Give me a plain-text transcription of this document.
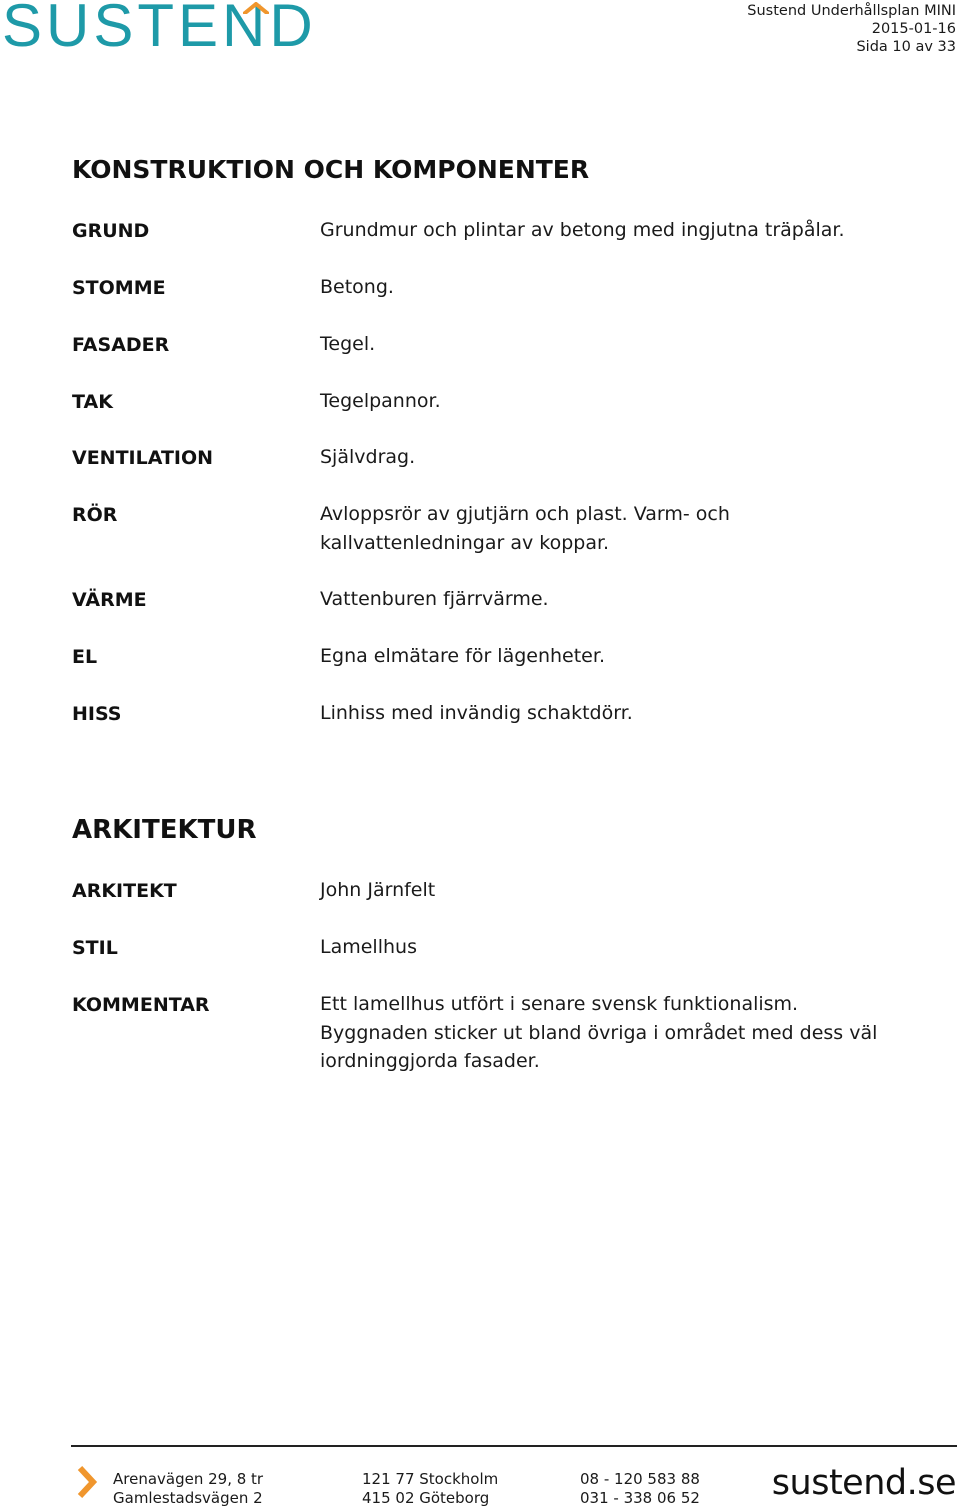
SUSTEND	Sustend Underhållsplan MINI
2015-01-16
Sida 10 av 33
KONSTRUKTION OCH KOMPONENTER
GRUND	Grundmur och plintar av betong med ingjutna träpålar.
STOMME	Betong.
FASADER	Tegel.
TAK	Tegelpannor.
VENTILATION	Självdrag.
RÖR	Avloppsrör av gjutjärn och plast. Varm- och kallvattenledningar av koppar.
VÄRME	Vattenburen fjärrvärme.
EL	Egna elmätare för lägenheter.
HISS	Linhiss med invändig schaktdörr.
ARKITEKTUR
ARKITEKT	John Järnfelt
STIL	Lamellhus
KOMMENTAR	Ett lamellhus utfört i senare svensk funktionalism. Byggnaden sticker ut bland övriga i området med dess väl iordninggjorda fasader.
Arenavägen 29, 8 tr
Gamlestadsvägen 2
121 77 Stockholm
415 02 Göteborg
08 - 120 583 88
031 - 338 06 52 sustend.se
